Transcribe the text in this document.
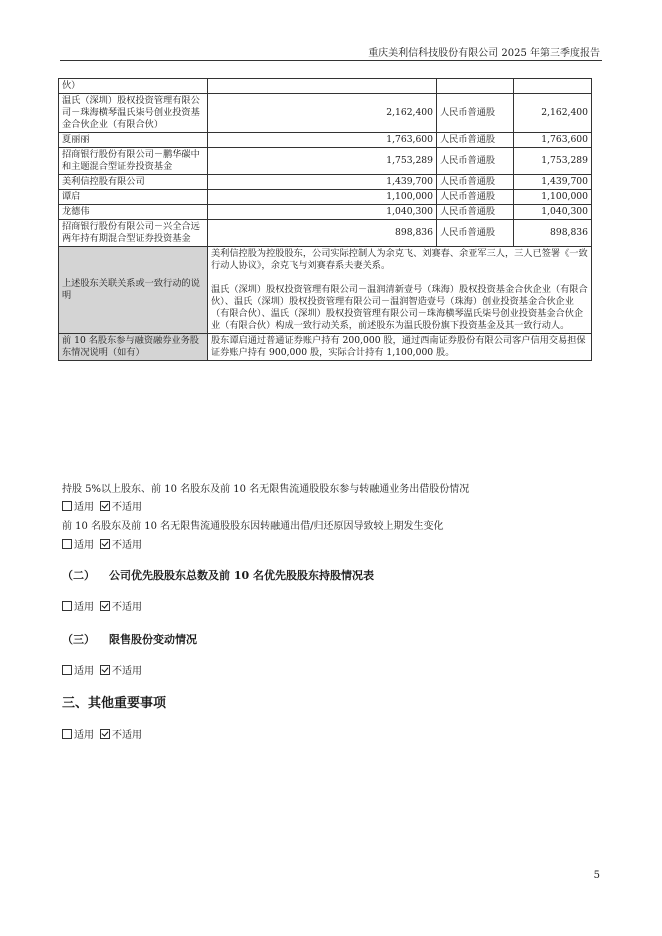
重庆美利信科技股份有限公司 2025 年第三季度报告
伙）			
温氏（深圳）股权投资管理有限公司－珠海横琴温氏柒号创业投资基金合伙企业（有限合伙）	2,162,400	人民币普通股	2,162,400
夏丽丽	1,763,600	人民币普通股	1,763,600
招商银行股份有限公司－鹏华碳中和主题混合型证券投资基金	1,753,289	人民币普通股	1,753,289
美利信控股有限公司	1,439,700	人民币普通股	1,439,700
谭启	1,100,000	人民币普通股	1,100,000
龙德伟	1,040,300	人民币普通股	1,040,300
招商银行股份有限公司－兴全合远两年持有期混合型证券投资基金	898,836	人民币普通股	898,836
上述股东关联关系或一致行动的说明	美利信控股为控股股东，公司实际控制人为余克飞、刘赛春、余亚军三人，三人已签署《一致行动人协议》，余克飞与刘赛春系夫妻关系。

温氏（深圳）股权投资管理有限公司－温润清新壹号（珠海）股权投资基金合伙企业（有限合伙）、温氏（深圳）股权投资管理有限公司－温润智造壹号（珠海）创业投资基金合伙企业（有限合伙）、温氏（深圳）股权投资管理有限公司－珠海横琴温氏柒号创业投资基金合伙企业（有限合伙）构成一致行动关系，前述股东为温氏股份旗下投资基金及其一致行动人。		

前 10 名股东参与融资融券业务股东情况说明（如有）	股东谭启通过普通证券账户持有 200,000 股，通过西南证券股份有限公司客户信用交易担保证券账户持有 900,000 股，实际合计持有 1,100,000 股。		
持股 5%以上股东、前 10 名股东及前 10 名无限售流通股股东参与转融通业务出借股份情况
适用 不适用
前 10 名股东及前 10 名无限售流通股股东因转融通出借/归还原因导致较上期发生变化
适用 不适用
（二） 公司优先股股东总数及前 10 名优先股股东持股情况表
适用 不适用
（三） 限售股份变动情况
适用 不适用
三、其他重要事项
适用 不适用
5
